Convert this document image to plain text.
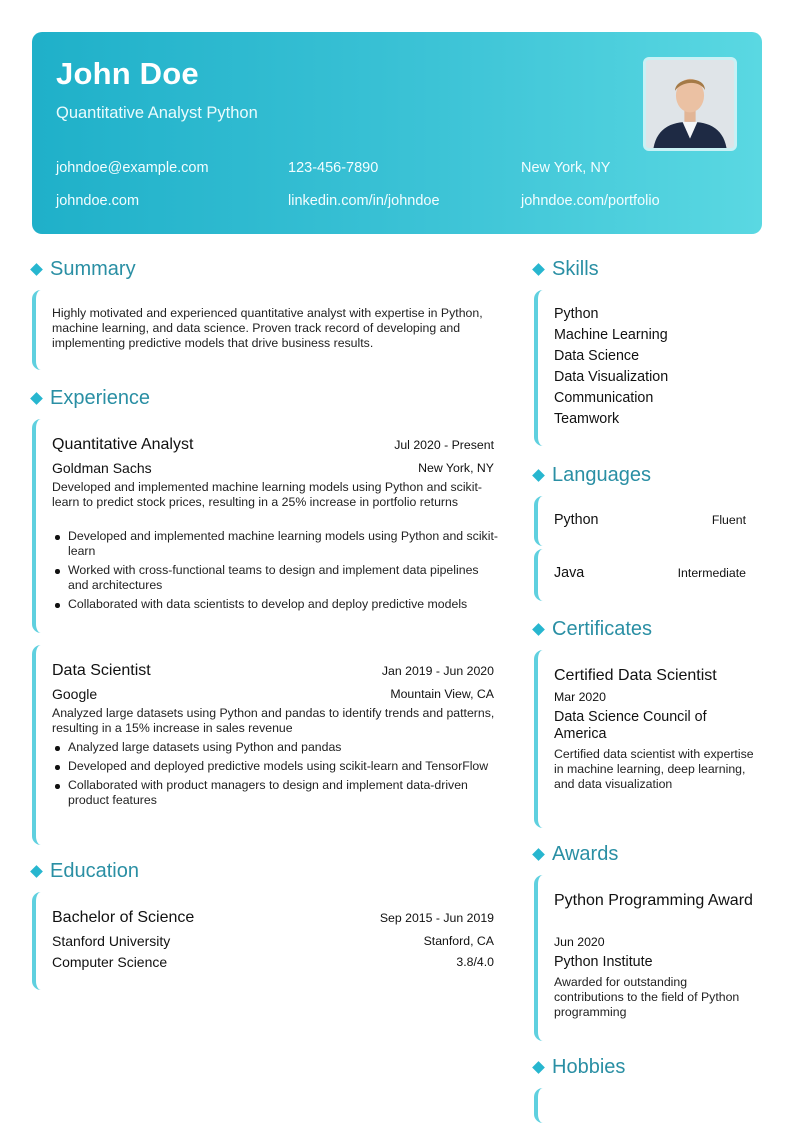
John Doe
Quantitative Analyst Python
johndoe@example.com	123-456-7890	New York, NY
johndoe.com	linkedin.com/in/johndoe	johndoe.com/portfolio
Summary
Highly motivated and experienced quantitative analyst with expertise in Python, machine learning, and data science. Proven track record of developing and implementing predictive models that drive business results.
Experience
Quantitative Analyst	Jul 2020 - Present
Goldman Sachs	New York, NY
Developed and implemented machine learning models using Python and scikit-learn to predict stock prices, resulting in a 25% increase in portfolio returns
Developed and implemented machine learning models using Python and scikit-learn
Worked with cross-functional teams to design and implement data pipelines and architectures
Collaborated with data scientists to develop and deploy predictive models
Data Scientist	Jan 2019 - Jun 2020
Google	Mountain View, CA
Analyzed large datasets using Python and pandas to identify trends and patterns, resulting in a 15% increase in sales revenue
Analyzed large datasets using Python and pandas
Developed and deployed predictive models using scikit-learn and TensorFlow
Collaborated with product managers to design and implement data-driven product features
Education
Bachelor of Science	Sep 2015 - Jun 2019
Stanford University	Stanford, CA
Computer Science	3.8/4.0
Skills
Python
Machine Learning
Data Science
Data Visualization
Communication
Teamwork
Languages
Python	Fluent
Java	Intermediate
Certificates
Certified Data Scientist
Mar 2020
Data Science Council of America
Certified data scientist with expertise in machine learning, deep learning, and data visualization
Awards
Python Programming Award
Jun 2020
Python Institute
Awarded for outstanding contributions to the field of Python programming
Hobbies
